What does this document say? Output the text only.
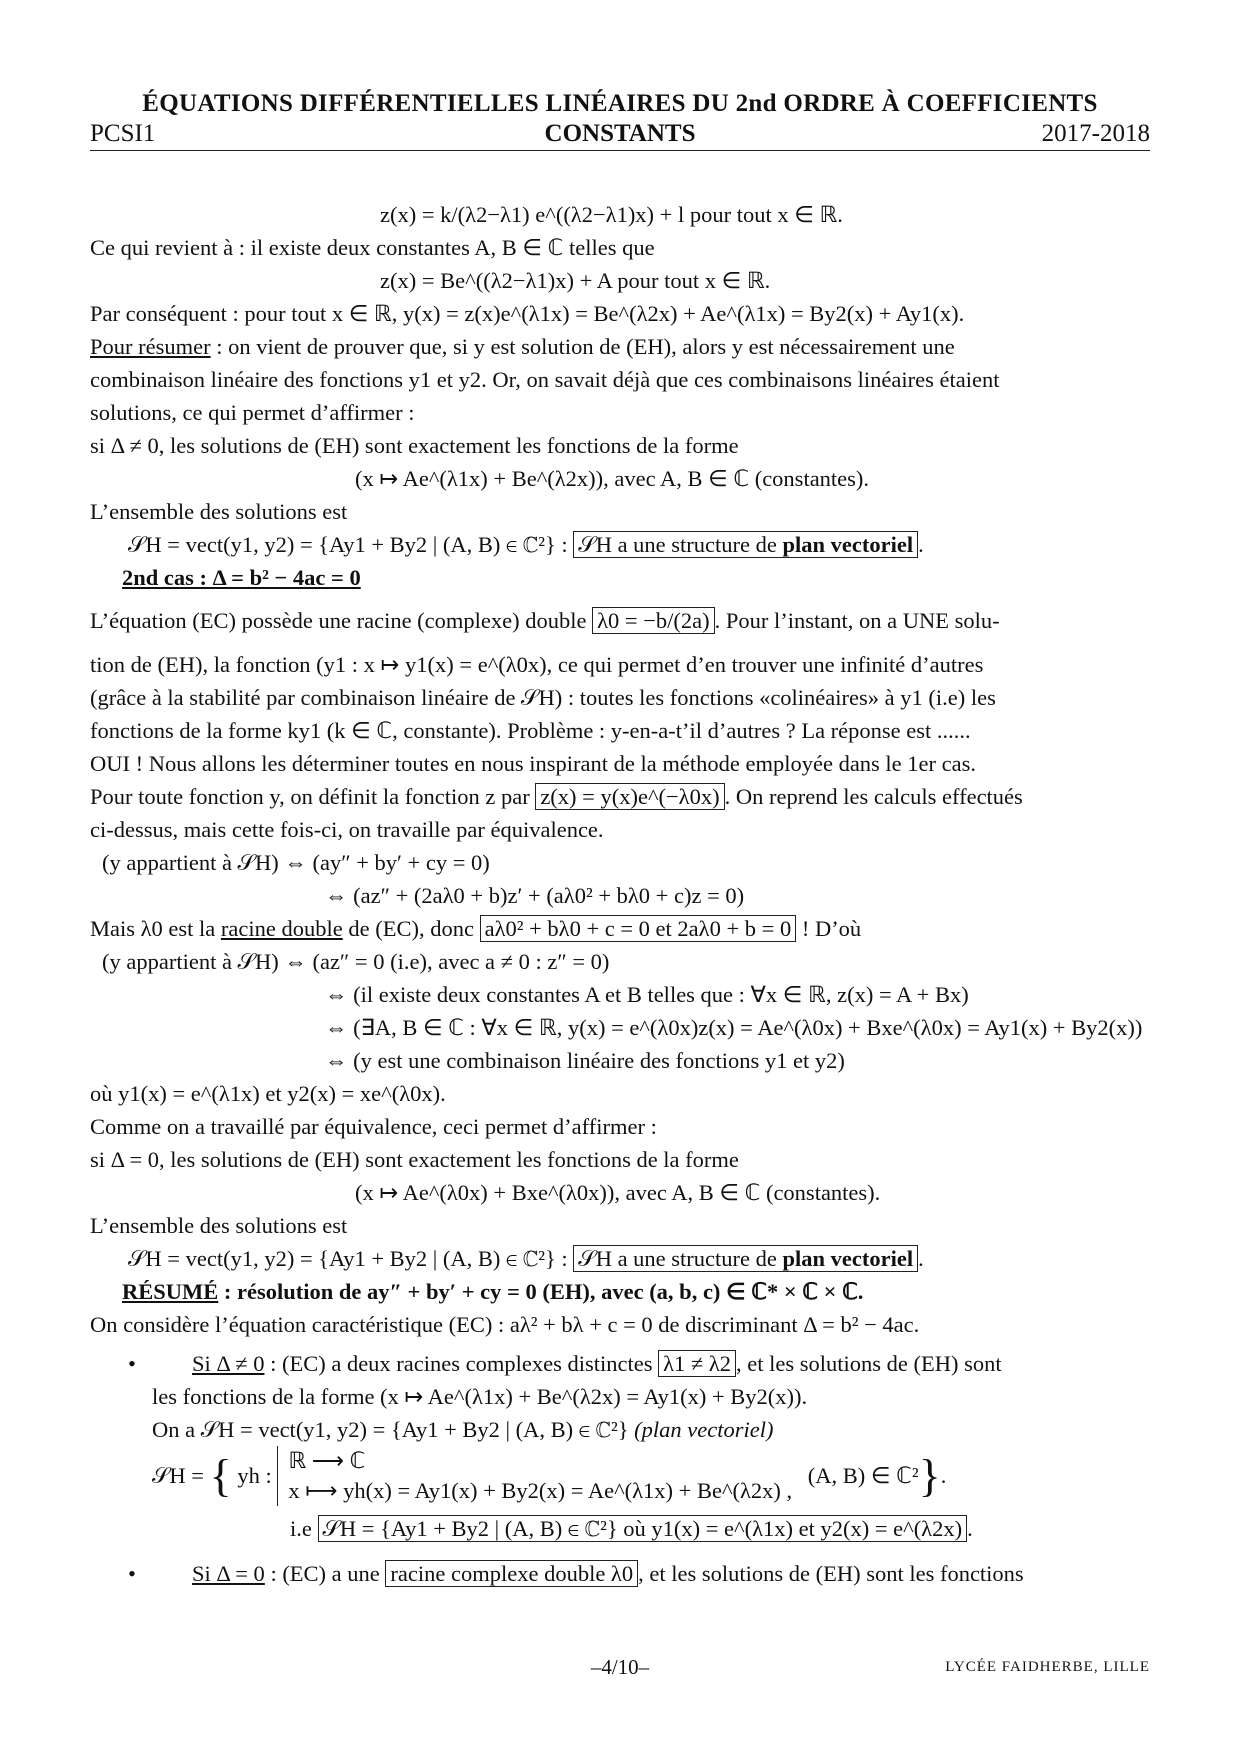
ÉQUATIONS DIFFÉRENTIELLES LINÉAIRES DU 2nd ORDRE À COEFFICIENTS
PCSI1	CONSTANTS	2017-2018
z(x) = k/(λ2−λ1) e^((λ2−λ1)x) + l pour tout x ∈ ℝ.
Ce qui revient à : il existe deux constantes A, B ∈ ℂ telles que
z(x) = Be^((λ2−λ1)x) + A pour tout x ∈ ℝ.
Par conséquent : pour tout x ∈ ℝ, y(x) = z(x)e^(λ1x) = Be^(λ2x) + Ae^(λ1x) = By2(x) + Ay1(x).
Pour résumer : on vient de prouver que, si y est solution de (EH), alors y est nécessairement une
combinaison linéaire des fonctions y1 et y2. Or, on savait déjà que ces combinaisons linéaires étaient
solutions, ce qui permet d’affirmer :
si Δ ≠ 0, les solutions de (EH) sont exactement les fonctions de la forme
(x ↦ Ae^(λ1x) + Be^(λ2x)), avec A, B ∈ ℂ (constantes).
L’ensemble des solutions est
𝒮H = vect(y1, y2) = {Ay1 + By2 | (A, B) ∈ ℂ²} : 𝒮H a une structure de plan vectoriel .
2nd cas : Δ = b² − 4ac = 0
L’équation (EC) possède une racine (complexe) double λ0 = −b/(2a) . Pour l’instant, on a UNE solu-
tion de (EH), la fonction (y1 : x ↦ y1(x) = e^(λ0x), ce qui permet d’en trouver une infinité d’autres
(grâce à la stabilité par combinaison linéaire de 𝒮H) : toutes les fonctions «colinéaires» à y1 (i.e) les
fonctions de la forme ky1 (k ∈ ℂ, constante). Problème : y-en-a-t’il d’autres ? La réponse est ......
OUI ! Nous allons les déterminer toutes en nous inspirant de la méthode employée dans le 1er cas.
Pour toute fonction y, on définit la fonction z par z(x) = y(x)e^(−λ0x) . On reprend les calculs effectués
ci-dessus, mais cette fois-ci, on travaille par équivalence.
(y appartient à 𝒮H) ⇔ (ay″ + by′ + cy = 0)
⇔ (az″ + (2aλ0 + b)z′ + (aλ0² + bλ0 + c)z = 0)
Mais λ0 est la racine double de (EC), donc aλ0² + bλ0 + c = 0 et 2aλ0 + b = 0 ! D’où
(y appartient à 𝒮H) ⇔ (az″ = 0 (i.e), avec a ≠ 0 : z″ = 0)
⇔ (il existe deux constantes A et B telles que : ∀x ∈ ℝ, z(x) = A + Bx)
⇔ (∃A, B ∈ ℂ : ∀x ∈ ℝ, y(x) = e^(λ0x)z(x) = Ae^(λ0x) + Bxe^(λ0x) = Ay1(x) + By2(x))
⇔ (y est une combinaison linéaire des fonctions y1 et y2)
où y1(x) = e^(λ1x) et y2(x) = xe^(λ0x).
Comme on a travaillé par équivalence, ceci permet d’affirmer :
si Δ = 0, les solutions de (EH) sont exactement les fonctions de la forme
(x ↦ Ae^(λ0x) + Bxe^(λ0x)), avec A, B ∈ ℂ (constantes).
L’ensemble des solutions est
𝒮H = vect(y1, y2) = {Ay1 + By2 | (A, B) ∈ ℂ²} : 𝒮H a une structure de plan vectoriel .
RÉSUMÉ : résolution de ay″ + by′ + cy = 0 (EH), avec (a, b, c) ∈ ℂ* × ℂ × ℂ.
On considère l’équation caractéristique (EC) : aλ² + bλ + c = 0 de discriminant Δ = b² − 4ac.
• Si Δ ≠ 0 : (EC) a deux racines complexes distinctes λ1 ≠ λ2 , et les solutions de (EH) sont
les fonctions de la forme (x ↦ Ae^(λ1x) + Be^(λ2x) = Ay1(x) + By2(x)).
On a 𝒮H = vect(y1, y2) = {Ay1 + By2 | (A, B) ∈ ℂ²} (plan vectoriel)
𝒮H = { yh : ℝ ⟶ ℂ
x ⟼ yh(x) = Ay1(x) + By2(x) = Ae^(λ1x) + Be^(λ2x) , (A, B) ∈ ℂ²}.
i.e 𝒮H = {Ay1 + By2 | (A, B) ∈ ℂ²} où y1(x) = e^(λ1x) et y2(x) = e^(λ2x) .
• Si Δ = 0 : (EC) a une racine complexe double λ0 , et les solutions de (EH) sont les fonctions
–4/10–	LYCÉE FAIDHERBE, LILLE
